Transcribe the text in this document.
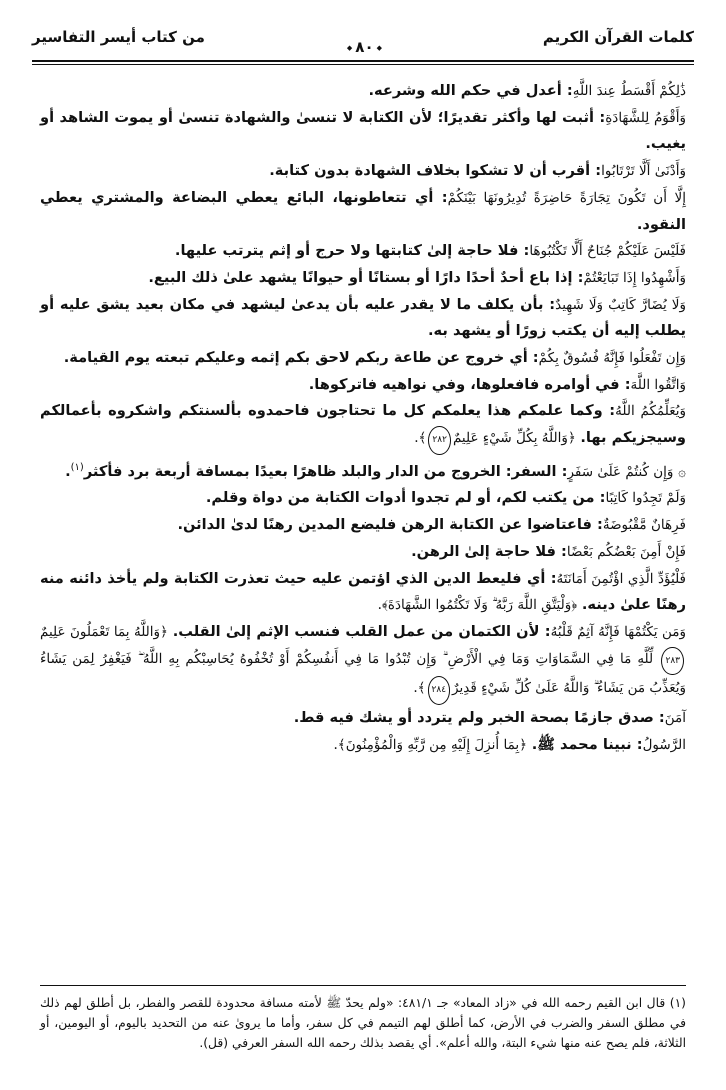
كلمات القرآن الكريم
من كتاب أيسر التفاسير
◆ ٨٠ ◆

ذَٰلِكُمْ أَقْسَطُ عِندَ اللَّهِ: أعدل في حكم الله وشرعه.

وَأَقْوَمُ لِلشَّهَادَةِ: أثبت لها وأكثر تقديرًا؛ لأن الكتابة لا تنسىٰ والشهادة تنسىٰ أو يموت الشاهد أو يغيب.

وَأَدْنَىٰ أَلَّا تَرْتَابُوا: أقرب أن لا تشكوا بخلاف الشهادة بدون كتابة.

إِلَّا أَن تَكُونَ تِجَارَةً حَاضِرَةً تُدِيرُونَهَا بَيْنَكُمْ: أي تتعاطونها، البائع يعطي البضاعة والمشتري يعطي النقود.

فَلَيْسَ عَلَيْكُمْ جُنَاحٌ أَلَّا تَكْتُبُوهَا: فلا حاجة إلىٰ كتابتها ولا حرج أو إثم يترتب عليها.

وَأَشْهِدُوا إِذَا تَبَايَعْتُمْ: إذا باع أحدٌ أحدًا دارًا أو بستانًا أو حيوانًا يشهد علىٰ ذلك البيع.

وَلَا يُضَارَّ كَاتِبٌ وَلَا شَهِيدٌ: بأن يكلف ما لا يقدر عليه بأن يدعىٰ ليشهد في مكان بعيد يشق عليه أو يطلب إليه أن يكتب زورًا أو يشهد به.

وَإِن تَفْعَلُوا فَإِنَّهُ فُسُوقٌ بِكُمْ: أي خروج عن طاعة ربكم لاحق بكم إثمه وعليكم تبعته يوم القيامة.

وَاتَّقُوا اللَّهَ: في أوامره فافعلوها، وفي نواهيه فاتركوها.

وَيُعَلِّمُكُمُ اللَّهُ: وكما علمكم هذا يعلمكم كل ما تحتاجون فاحمدوه بألسنتكم واشكروه بأعمالكم وسيجزيكم بها. ﴿وَاللَّهُ بِكُلِّ شَيْءٍ عَلِيمٌ٢٨٢﴾.

۞ وَإِن كُنتُمْ عَلَىٰ سَفَرٍ: السفر: الخروج من الدار والبلد ظاهرًا بعيدًا بمسافة أربعة برد فأكثر$^{(١)}$.

وَلَمْ تَجِدُوا كَاتِبًا: من يكتب لكم، أو لم تجدوا أدوات الكتابة من دواة وقلم.

فَرِهَانٌ مَّقْبُوضَةٌ: فاعتاضوا عن الكتابة الرهن فليضع المدين رهنًا لدىٰ الدائن.

فَإِنْ أَمِنَ بَعْضُكُم بَعْضًا: فلا حاجة إلىٰ الرهن.

فَلْيُؤَدِّ الَّذِي اؤْتُمِنَ أَمَانَتَهُ: أي فليعط الدين الذي اؤتمن عليه حيث تعذرت الكتابة ولم يأخذ دائنه منه رهنًا علىٰ دينه. ﴿وَلْيَتَّقِ اللَّهَ رَبَّهُ ۗ وَلَا تَكْتُمُوا الشَّهَادَةَ﴾.

وَمَن يَكْتُمْهَا فَإِنَّهُ آثِمٌ قَلْبُهُ: لأن الكتمان من عمل القلب فنسب الإثم إلىٰ القلب. ﴿وَاللَّهُ بِمَا تَعْمَلُونَ عَلِيمٌ٢٨٣ لِّلَّهِ مَا فِي السَّمَاوَاتِ وَمَا فِي الْأَرْضِ ۗ وَإِن تُبْدُوا مَا فِي أَنفُسِكُمْ أَوْ تُخْفُوهُ يُحَاسِبْكُم بِهِ اللَّهُ ۖ فَيَغْفِرُ لِمَن يَشَاءُ وَيُعَذِّبُ مَن يَشَاءُ ۗ وَاللَّهُ عَلَىٰ كُلِّ شَيْءٍ قَدِيرٌ٢٨٤﴾.

آمَنَ: صدق جازمًا بصحة الخبر ولم يتردد أو يشك فيه قط.

الرَّسُولُ: نبينا محمد ﷺ. ﴿بِمَا أُنزِلَ إِلَيْهِ مِن رَّبِّهِ وَالْمُؤْمِنُونَ﴾.

(١) قال ابن القيم رحمه الله في «زاد المعاد» جـ ٤٨١/١: «ولم يحدّ ﷺ لأمته مسافة محدودة للقصر والفطر، بل أطلق لهم ذلك في مطلق السفر والضرب في الأرض، كما أطلق لهم التيمم في كل سفر، وأما ما يروىٰ عنه من التحديد باليوم، أو اليومين، أو الثلاثة، فلم يصح عنه منها شيء البتة، والله أعلم». أي يقصد بذلك رحمه الله السفر العرفي (قل).
